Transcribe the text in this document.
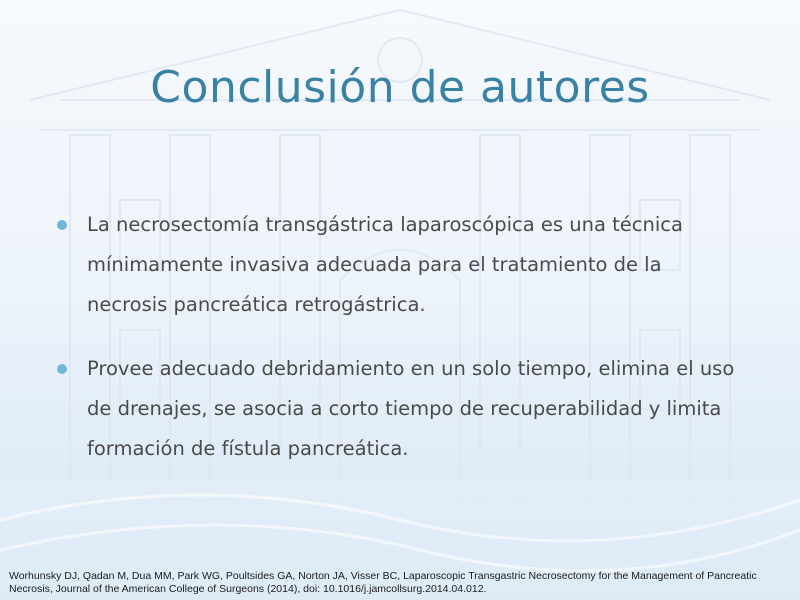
Conclusión de autores
La necrosectomía transgástrica laparoscópica es una técnica mínimamente invasiva adecuada para el tratamiento de la necrosis pancreática retrogástrica.
Provee adecuado debridamiento en un solo tiempo, elimina el uso de drenajes, se asocia a corto tiempo de recuperabilidad y limita formación de fístula pancreática.

Worhunsky DJ, Qadan M, Dua MM, Park WG, Poultsides GA, Norton JA, Visser BC, Laparoscopic Transgastric Necrosectomy for the Management of Pancreatic Necrosis, Journal of the American College of Surgeons (2014), doi: 10.1016/j.jamcollsurg.2014.04.012.
